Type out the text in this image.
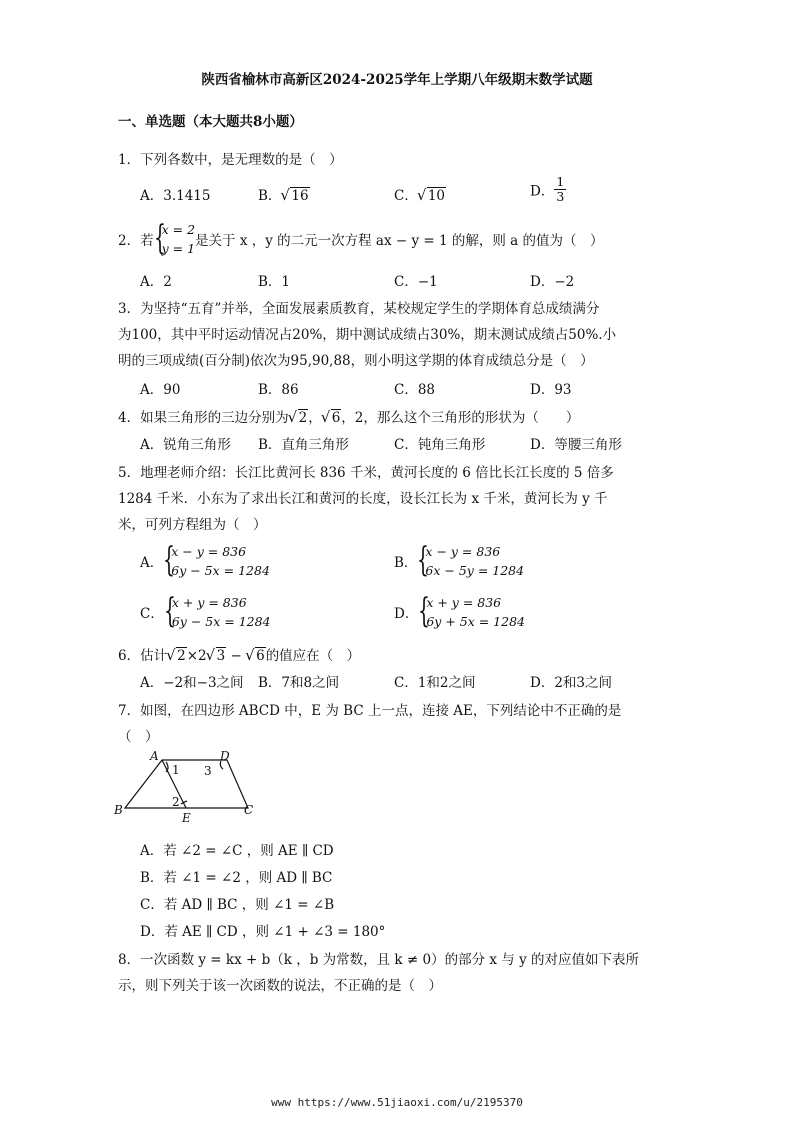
陕西省榆林市高新区2024-2025学年上学期八年级期末数学试题
一、单选题（本大题共8小题）
1．下列各数中，是无理数的是（　）
A．3.1415	B． √ 16	C． √ 10	D． $\frac{1}{3}$
2．若 {
x = 2
y = 1 是关于 x ，y 的二元一次方程 ax − y = 1 的解，则 a 的值为（　）
A．2	B．1	C．−1	D．−2
3．为坚持“五育”并举，全面发展素质教育，某校规定学生的学期体育总成绩满分
为100，其中平时运动情况占20%，期中测试成绩占30%，期末测试成绩占50%.小
明的三项成绩(百分制)依次为95,90,88，则小明这学期的体育成绩总分是（　）
A．90	B．86	C．88	D．93
4．如果三角形的三边分别为 √ 2， √ 6，2，那么这个三角形的形状为（　　）
A．锐角三角形 B．直角三角形	C．钝角三角形	D．等腰三角形
5．地理老师介绍：长江比黄河长 836 千米，黄河长度的 6 倍比长江长度的 5 倍多
1284 千米．小东为了求出长江和黄河的长度，设长江长为 x 千米，黄河长为 y 千
米，可列方程组为（　）
A． {
x − y = 836
6y − 5x = 1284	B． {
x − y = 836
6x − 5y = 1284
C． {
x + y = 836
6y − 5x = 1284	D． {
x + y = 836
6y + 5x = 1284
6．估计 √ 2×2 √ 3 − √ 6的值应在（　）
A．−2和−3之间 B．7和8之间	C．1和2之间	D．2和3之间
7．如图，在四边形 ABCD 中，E 为 BC 上一点，连接 AE，下列结论中不正确的是
（　）
A	D
B	C
E
1
2
3
A．若 ∠2 = ∠C ，则 AE ∥ CD
B．若 ∠1 = ∠2 ，则 AD ∥ BC
C．若 AD ∥ BC ，则 ∠1 = ∠B
D．若 AE ∥ CD ，则 ∠1 + ∠3 = 180°
8．一次函数 y = kx + b（k ，b 为常数，且 k ≠ 0）的部分 x 与 y 的对应值如下表所
示，则下列关于该一次函数的说法，不正确的是（　）
www https://www.51jiaoxi.com/u/2195370
